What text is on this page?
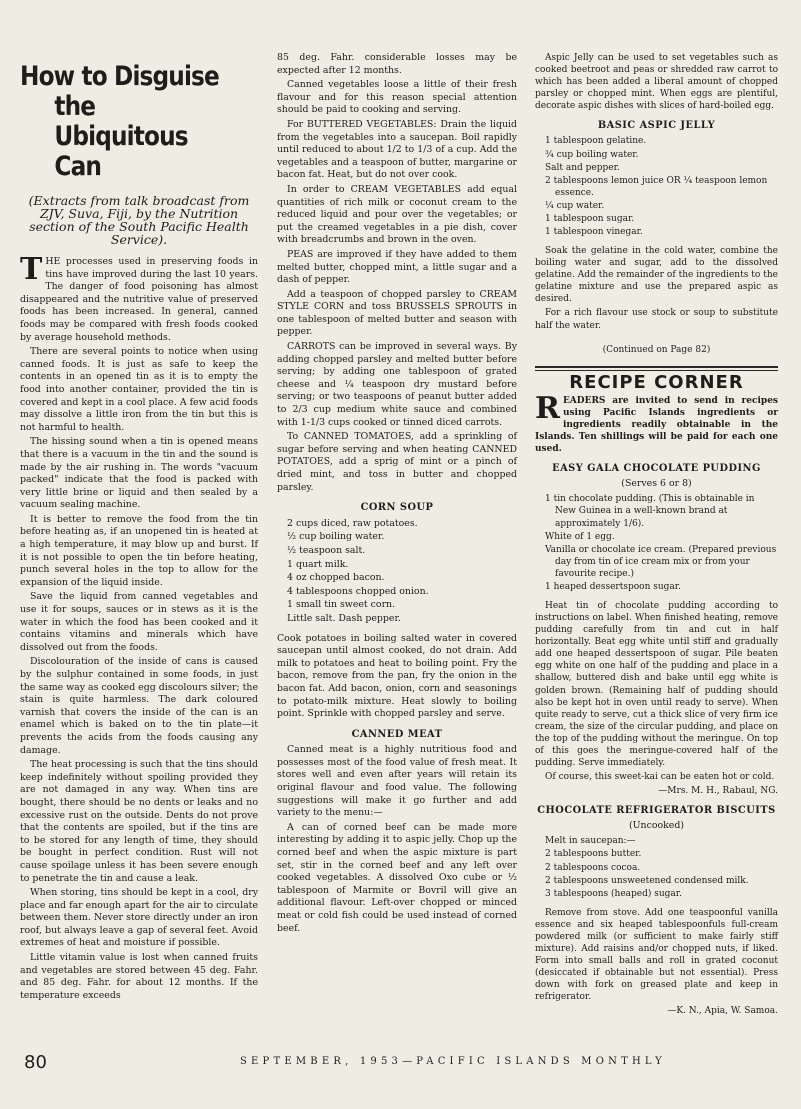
How to Disguise
the Ubiquitous Can
(Extracts from talk broadcast from ZJV, Suva, Fiji, by the Nutrition section of the South Pacific Health Service).

THE processes used in preserving foods in tins have improved during the last 10 years. The danger of food poisoning has almost disappeared and the nutritive value of preserved foods has been increased. In general, canned foods may be compared with fresh foods cooked by average household methods.

There are several points to notice when using canned foods. It is just as safe to keep the contents in an opened tin as it is to empty the food into another container, provided the tin is covered and kept in a cool place. A few acid foods may dissolve a little iron from the tin but this is not harmful to health.

The hissing sound when a tin is opened means that there is a vacuum in the tin and the sound is made by the air rushing in. The words "vacuum packed" indicate that the food is packed with very little brine or liquid and then sealed by a vacuum sealing machine.

It is better to remove the food from the tin before heating as, if an unopened tin is heated at a high temperature, it may blow up and burst. If it is not possible to open the tin before heating, punch several holes in the top to allow for the expansion of the liquid inside.

Save the liquid from canned vegetables and use it for soups, sauces or in stews as it is the water in which the food has been cooked and it contains vitamins and minerals which have dissolved out from the foods.

Discolouration of the inside of cans is caused by the sulphur contained in some foods, in just the same way as cooked egg discolours silver; the stain is quite harmless. The dark coloured varnish that covers the inside of the can is an enamel which is baked on to the tin plate—it prevents the acids from the foods causing any damage.

The heat processing is such that the tins should keep indefinitely without spoiling provided they are not damaged in any way. When tins are bought, there should be no dents or leaks and no excessive rust on the outside. Dents do not prove that the contents are spoiled, but if the tins are to be stored for any length of time, they should be bought in perfect condition. Rust will not cause spoilage unless it has been severe enough to penetrate the tin and cause a leak.

When storing, tins should be kept in a cool, dry place and far enough apart for the air to circulate between them. Never store directly under an iron roof, but always leave a gap of several feet. Avoid extremes of heat and moisture if possible.

Little vitamin value is lost when canned fruits and vegetables are stored between 45 deg. Fahr. and 85 deg. Fahr. for about 12 months. If the temperature exceeds

85 deg. Fahr. considerable losses may be expected after 12 months.

Canned vegetables loose a little of their fresh flavour and for this reason special attention should be paid to cooking and serving.

For BUTTERED VEGETABLES: Drain the liquid from the vegetables into a saucepan. Boil rapidly until reduced to about 1/2 to 1/3 of a cup. Add the vegetables and a teaspoon of butter, margarine or bacon fat. Heat, but do not over cook.

In order to CREAM VEGETABLES add equal quantities of rich milk or coconut cream to the reduced liquid and pour over the vegetables; or put the creamed vegetables in a pie dish, cover with breadcrumbs and brown in the oven.

PEAS are improved if they have added to them melted butter, chopped mint, a little sugar and a dash of pepper.

Add a teaspoon of chopped parsley to CREAM STYLE CORN and toss BRUSSELS SPROUTS in one tablespoon of melted butter and season with pepper.

CARROTS can be improved in several ways. By adding chopped parsley and melted butter before serving; by adding one tablespoon of grated cheese and ¼ teaspoon dry mustard before serving; or two teaspoons of peanut butter added to 2/3 cup medium white sauce and combined with 1-1/3 cups cooked or tinned diced carrots.

To CANNED TOMATOES, add a sprinkling of sugar before serving and when heating CANNED POTATOES, add a sprig of mint or a pinch of dried mint, and toss in butter and chopped parsley.

CORN SOUP
2 cups diced, raw potatoes.
½ cup boiling water.
½ teaspoon salt.
1 quart milk.
4 oz chopped bacon.
4 tablespoons chopped onion.
1 small tin sweet corn.
Little salt. Dash pepper.

Cook potatoes in boiling salted water in covered saucepan until almost cooked, do not drain. Add milk to potatoes and heat to boiling point. Fry the bacon, remove from the pan, fry the onion in the bacon fat. Add bacon, onion, corn and seasonings to potato-milk mixture. Heat slowly to boiling point. Sprinkle with chopped parsley and serve.

CANNED MEAT

Canned meat is a highly nutritious food and possesses most of the food value of fresh meat. It stores well and even after years will retain its original flavour and food value. The following suggestions will make it go further and add variety to the menu:—

A can of corned beef can be made more interesting by adding it to aspic jelly. Chop up the corned beef and when the aspic mixture is part set, stir in the corned beef and any left over cooked vegetables. A dissolved Oxo cube or ½ tablespoon of Marmite or Bovril will give an additional flavour. Left-over chopped or minced meat or cold fish could be used instead of corned beef.

Aspic Jelly can be used to set vegetables such as cooked beetroot and peas or shredded raw carrot to which has been added a liberal amount of chopped parsley or chopped mint. When eggs are plentiful, decorate aspic dishes with slices of hard-boiled egg.

BASIC ASPIC JELLY
1 tablespoon gelatine.
¾ cup boiling water.
Salt and pepper.
2 tablespoons lemon juice OR ¼ teaspoon lemon essence.
¼ cup water.
1 tablespoon sugar.
1 tablespoon vinegar.

Soak the gelatine in the cold water, combine the boiling water and sugar, add to the dissolved gelatine. Add the remainder of the ingredients to the gelatine mixture and use the prepared aspic as desired.

For a rich flavour use stock or soup to substitute half the water.

(Continued on Page 82)
RECIPE CORNER

READERS are invited to send in recipes using Pacific Islands ingredients or ingredients readily obtainable in the Islands. Ten shillings will be paid for each one used.

EASY GALA CHOCOLATE PUDDING
(Serves 6 or 8)
1 tin chocolate pudding. (This is obtainable in New Guinea in a well-known brand at approximately 1/6).
White of 1 egg.
Vanilla or chocolate ice cream. (Prepared previous day from tin of ice cream mix or from your favourite recipe.)
1 heaped dessertspoon sugar.

Heat tin of chocolate pudding according to instructions on label. When finished heating, remove pudding carefully from tin and cut in half horizontally. Beat egg white until stiff and gradually add one heaped dessertspoon of sugar. Pile beaten egg white on one half of the pudding and place in a shallow, buttered dish and bake until egg white is golden brown. (Remaining half of pudding should also be kept hot in oven until ready to serve). When quite ready to serve, cut a thick slice of very firm ice cream, the size of the circular pudding, and place on the top of the pudding without the meringue. On top of this goes the meringue-covered half of the pudding. Serve immediately.

Of course, this sweet-kai can be eaten hot or cold.

—Mrs. M. H., Rabaul, NG.
CHOCOLATE REFRIGERATOR BISCUITS
(Uncooked)
Melt in saucepan:—
2 tablespoons butter.
2 tablespoons cocoa.
2 tablespoons unsweetened condensed milk.
3 tablespoons (heaped) sugar.

Remove from stove. Add one teaspoonful vanilla essence and six heaped tablespoonfuls full-cream powdered milk (or sufficient to make fairly stiff mixture). Add raisins and/or chopped nuts, if liked. Form into small balls and roll in grated coconut (desiccated if obtainable but not essential). Press down with fork on greased plate and keep in refrigerator.

—K. N., Apia, W. Samoa.
80	SEPTEMBER, 1953—PACIFIC ISLANDS MONTHLY
